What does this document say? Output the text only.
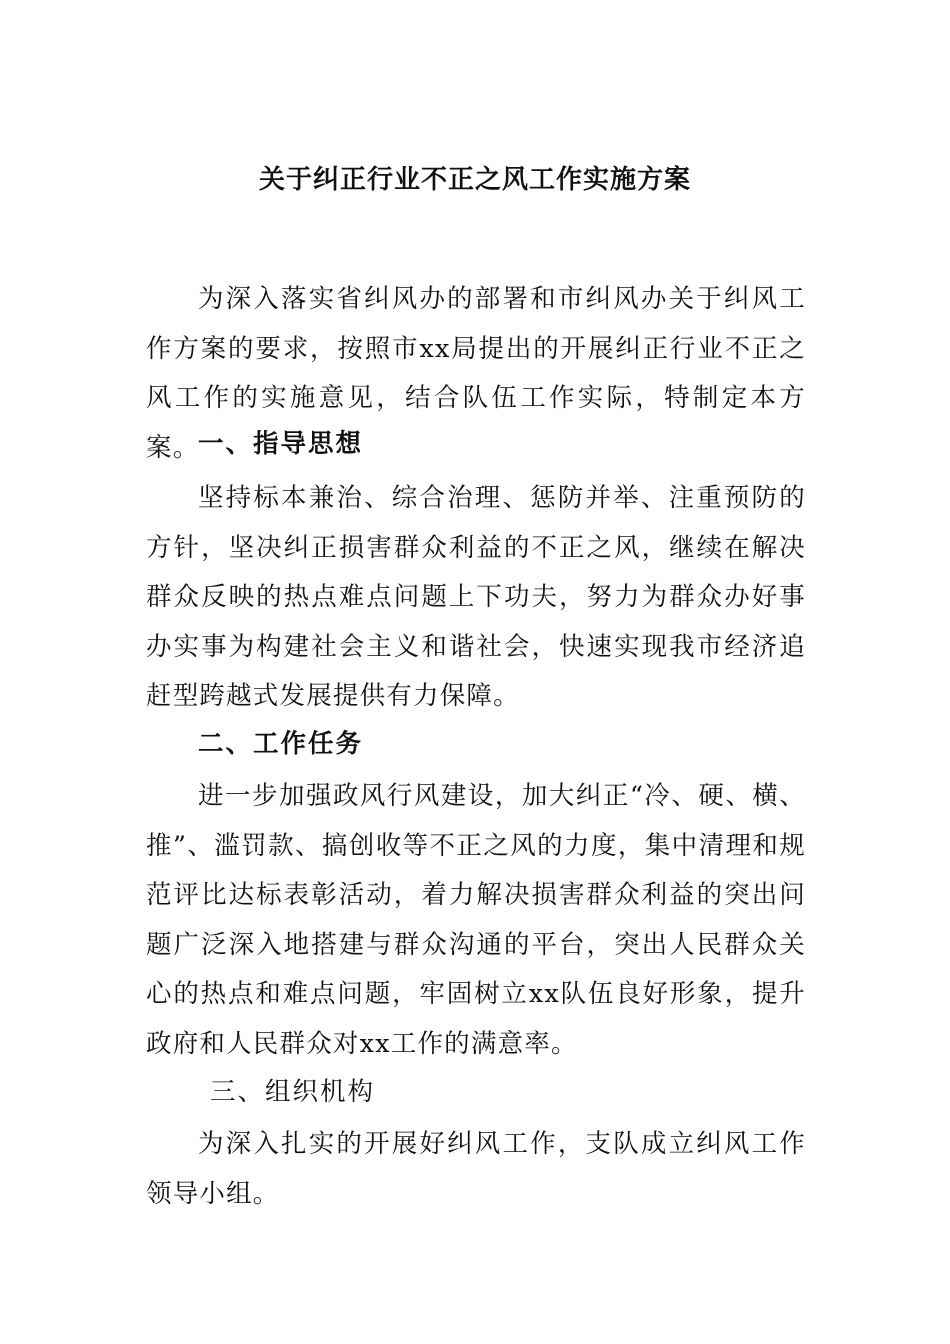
关于纠正行业不正之风工作实施方案
为深入落实省纠风办的部署和市纠风办关于纠风工作方案的要求，按照市xx局提出的开展纠正行业不正之风工作的实施意见，结合队伍工作实际，特制定本方案。
一、指导思想
坚持标本兼治、综合治理、惩防并举、注重预防的方针，坚决纠正损害群众利益的不正之风，继续在解决群众反映的热点难点问题上下功夫，努力为群众办好事办实事为构建社会主义和谐社会，快速实现我市经济追赶型跨越式发展提供有力保障。
二、工作任务
进一步加强政风行风建设，加大纠正“冷、硬、横、推”、滥罚款、搞创收等不正之风的力度，集中清理和规范评比达标表彰活动，着力解决损害群众利益的突出问题广泛深入地搭建与群众沟通的平台，突出人民群众关心的热点和难点问题，牢固树立xx队伍良好形象，提升政府和人民群众对xx工作的满意率。
三、组织机构
为深入扎实的开展好纠风工作，支队成立纠风工作领导小组。
